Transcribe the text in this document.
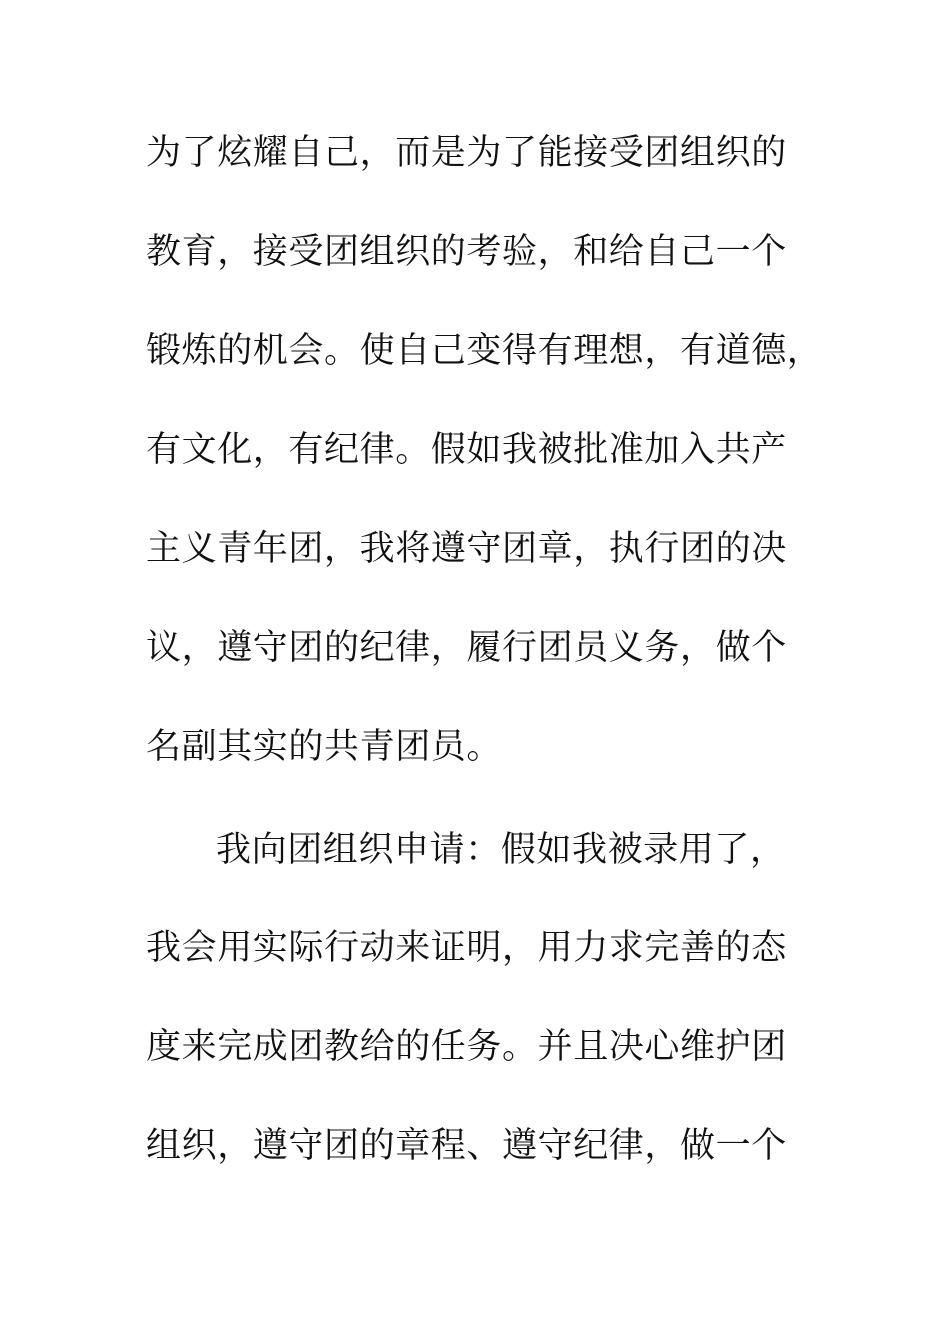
为了炫耀自己，而是为了能接受团组织的
教育，接受团组织的考验，和给自己一个
锻炼的机会。使自己变得有理想，有道德，
有文化，有纪律。假如我被批准加入共产
主义青年团，我将遵守团章，执行团的决
议，遵守团的纪律，履行团员义务，做个
名副其实的共青团员。
我向团组织申请：假如我被录用了，
我会用实际行动来证明，用力求完善的态
度来完成团教给的任务。并且决心维护团
组织，遵守团的章程、遵守纪律，做一个
